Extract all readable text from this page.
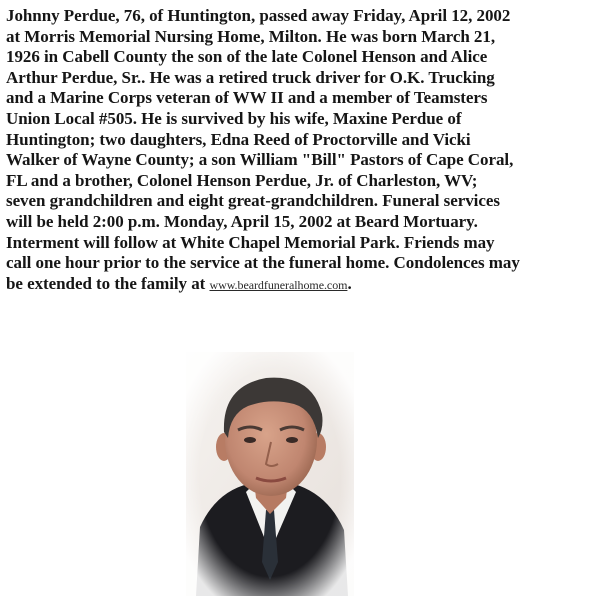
Johnny Perdue, 76, of Huntington, passed away Friday, April 12, 2002
at Morris Memorial Nursing Home, Milton. He was born March 21,
1926 in Cabell County the son of the late Colonel Henson and Alice
Arthur Perdue, Sr.. He was a retired truck driver for O.K. Trucking
and a Marine Corps veteran of WW II and a member of Teamsters
Union Local #505. He is survived by his wife, Maxine Perdue of
Huntington; two daughters, Edna Reed of Proctorville and Vicki
Walker of Wayne County; a son William "Bill" Pastors of Cape Coral,
FL and a brother, Colonel Henson Perdue, Jr. of Charleston, WV;
seven grandchildren and eight great-grandchildren. Funeral services
will be held 2:00 p.m. Monday, April 15, 2002 at Beard Mortuary.
Interment will follow at White Chapel Memorial Park. Friends may
call one hour prior to the service at the funeral home. Condolences may
be extended to the family at www.beardfuneralhome.com.
